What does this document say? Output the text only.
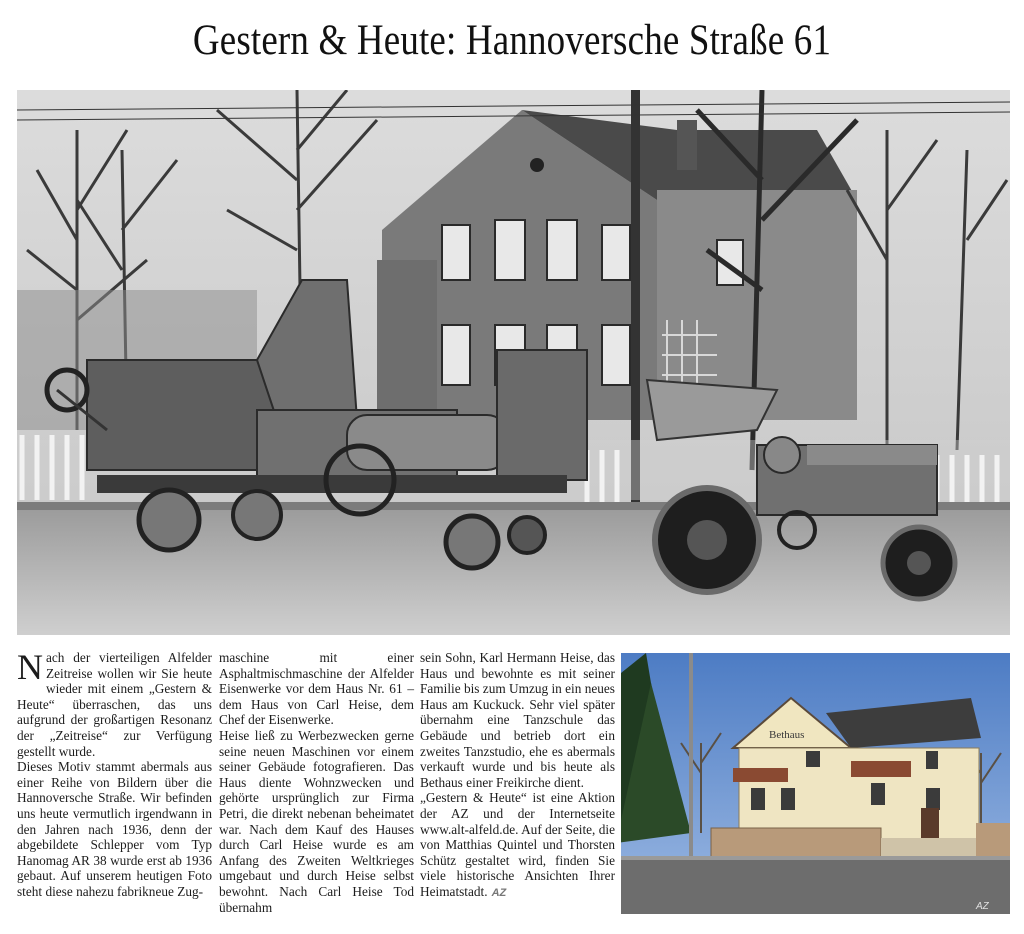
Gestern & Heute: Hannoversche Straße 61

Nach der vierteiligen Alfelder Zeitreise wollen wir Sie heute wieder mit einem „Gestern & Heute“ überraschen, das uns aufgrund der großartigen Resonanz der „Zeitreise“ zur Verfügung gestellt wurde.

Dieses Motiv stammt abermals aus einer Reihe von Bildern über die Hannoversche Straße. Wir befinden uns heute vermutlich irgendwann in den Jahren nach 1936, denn der abgebildete Schlepper vom Typ Hanomag AR 38 wurde erst ab 1936 gebaut. Auf unserem heutigen Foto steht diese nahezu fabrikneue Zug-

maschine mit einer Asphaltmischmaschine der Alfelder Eisenwerke vor dem Haus Nr. 61 – dem Haus von Carl Heise, dem Chef der Eisenwerke.

Heise ließ zu Werbezwecken gerne seine neuen Maschinen vor einem seiner Gebäude fotografieren. Das Haus diente Wohnzwecken und gehörte ursprünglich zur Firma Petri, die direkt nebenan beheimatet war. Nach dem Kauf des Hauses durch Carl Heise wurde es am Anfang des Zweiten Weltkrieges umgebaut und durch Heise selbst bewohnt. Nach Carl Heise Tod übernahm

sein Sohn, Karl Hermann Heise, das Haus und bewohnte es mit seiner Familie bis zum Umzug in ein neues Haus am Kuckuck. Sehr viel später übernahm eine Tanzschule das Gebäude und betrieb dort ein zweites Tanzstudio, ehe es abermals verkauft wurde und bis heute als Bethaus einer Freikirche dient.

„Gestern & Heute“ ist eine Aktion der AZ und der Internetseite www.alt-alfeld.de. Auf der Seite, die von Matthias Quintel und Thorsten Schütz gestaltet wird, finden Sie viele historische Ansichten Ihrer Heimatstadt. AZ

Bethaus
AZ
